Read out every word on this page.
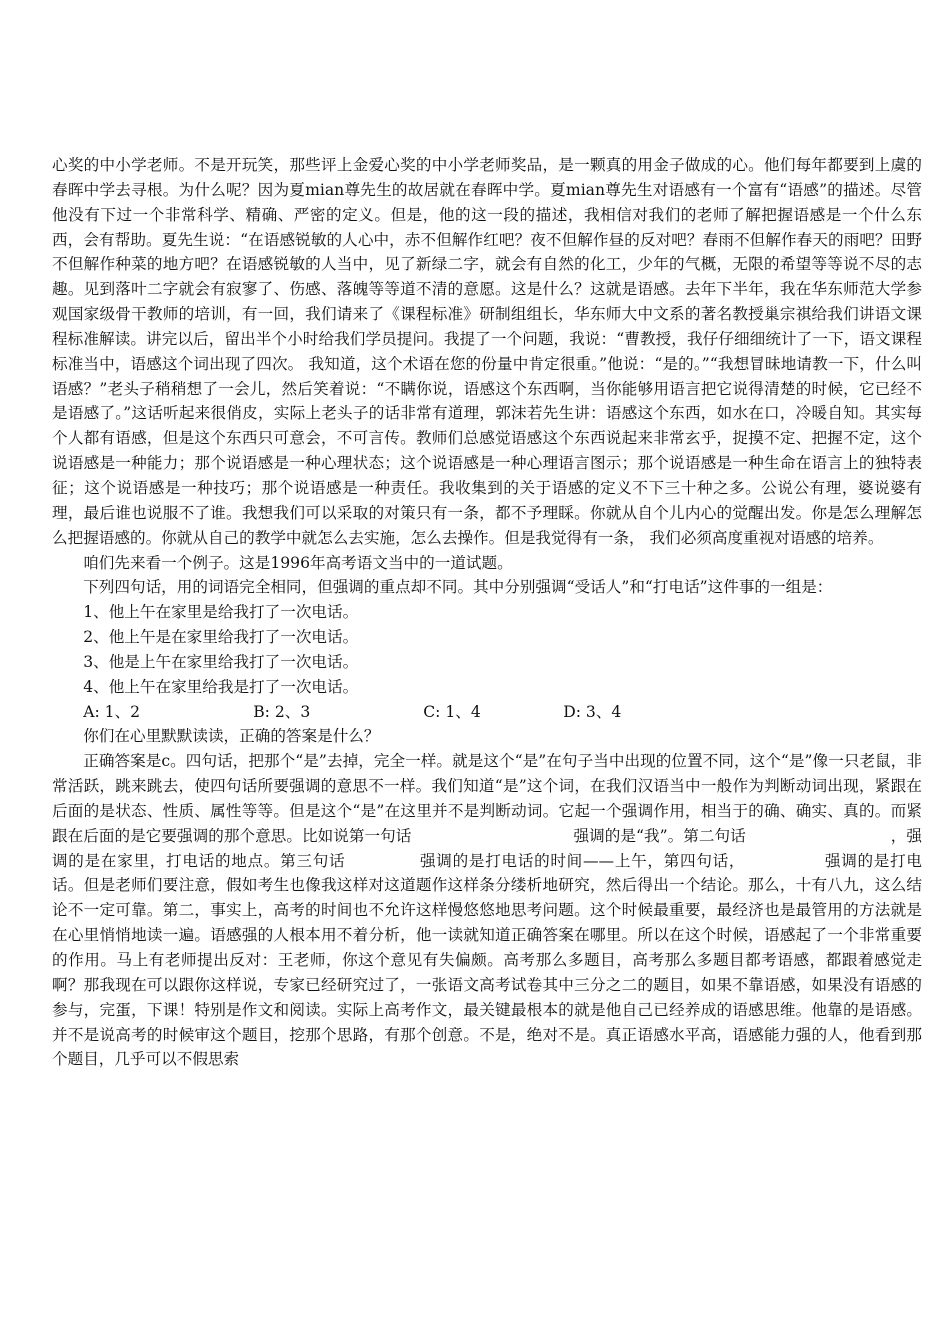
心奖的中小学老师。不是开玩笑，那些评上金爱心奖的中小学老师奖品，是一颗真的用金子做成的心。他们每年都要到上虞的春晖中学去寻根。为什么呢？因为夏mian尊先生的故居就在春晖中学。夏mian尊先生对语感有一个富有“语感”的描述。尽管他没有下过一个非常科学、精确、严密的定义。但是，他的这一段的描述，我相信对我们的老师了解把握语感是一个什么东西，会有帮助。夏先生说：“在语感锐敏的人心中，赤不但解作红吧？夜不但解作昼的反对吧？春雨不但解作春天的雨吧？田野不但解作种菜的地方吧？在语感锐敏的人当中，见了新绿二字，就会有自然的化工，少年的气概，无限的希望等等说不尽的志趣。见到落叶二字就会有寂寥了、伤感、落魄等等道不清的意愿。这是什么？这就是语感。去年下半年，我在华东师范大学参观国家级骨干教师的培训，有一回，我们请来了《课程标准》研制组组长，华东师大中文系的著名教授巢宗祺给我们讲语文课程标准解读。讲完以后，留出半个小时给我们学员提问。我提了一个问题，我说：“曹教授，我仔仔细细统计了一下，语文课程标准当中，语感这个词出现了四次。 我知道，这个术语在您的份量中肯定很重。”他说：“是的。”“我想冒昧地请教一下，什么叫语感？”老头子稍稍想了一会儿，然后笑着说：“不瞒你说，语感这个东西啊，当你能够用语言把它说得清楚的时候，它已经不是语感了。”这话听起来很俏皮，实际上老头子的话非常有道理，郭沫若先生讲：语感这个东西，如水在口，冷暖自知。其实每个人都有语感，但是这个东西只可意会，不可言传。教师们总感觉语感这个东西说起来非常玄乎，捉摸不定、把握不定，这个说语感是一种能力；那个说语感是一种心理状态；这个说语感是一种心理语言图示；那个说语感是一种生命在语言上的独特表征；这个说语感是一种技巧；那个说语感是一种责任。我收集到的关于语感的定义不下三十种之多。公说公有理，婆说婆有理，最后谁也说服不了谁。我想我们可以采取的对策只有一条，都不予理睬。你就从自个儿内心的觉醒出发。你是怎么理解怎么把握语感的。你就从自己的教学中就怎么去实施，怎么去操作。但是我觉得有一条， 我们必须高度重视对语感的培养。

咱们先来看一个例子。这是1996年高考语文当中的一道试题。

下列四句话，用的词语完全相同，但强调的重点却不同。其中分别强调“受话人”和“打电话”这件事的一组是：

1、他上午在家里是给我打了一次电话。
2、他上午是在家里给我打了一次电话。
3、他是上午在家里给我打了一次电话。
4、他上午在家里给我是打了一次电话。
A: 1、2	B: 2、3	C: 1、4	D: 3、4

你们在心里默默读读，正确的答案是什么？

正确答案是c。四句话，把那个“是”去掉，完全一样。就是这个“是”在句子当中出现的位置不同，这个“是”像一只老鼠，非常活跃，跳来跳去，使四句话所要强调的意思不一样。我们知道“是”这个词，在我们汉语当中一般作为判断动词出现，紧跟在后面的是状态、性质、属性等等。但是这个“是”在这里并不是判断动词。它起一个强调作用，相当于的确、确实、真的。而紧跟在后面的是它要强调的那个意思。比如说第一句话	强调的是“我”。第二句话	，强调的是在家里，打电话的地点。第三句话	强调的是打电话的时间——上午，第四句话，	强调的是打电话。但是老师们要注意，假如考生也像我这样对这道题作这样条分缕析地研究，然后得出一个结论。那么，十有八九，这么结论不一定可靠。第二，事实上，高考的时间也不允许这样慢悠悠地思考问题。这个时候最重要，最经济也是最管用的方法就是在心里悄悄地读一遍。语感强的人根本用不着分析，他一读就知道正确答案在哪里。所以在这个时候，语感起了一个非常重要的作用。马上有老师提出反对：王老师，你这个意见有失偏颇。高考那么多题目，高考那么多题目都考语感，都跟着感觉走啊？那我现在可以跟你这样说，专家已经研究过了，一张语文高考试卷其中三分之二的题目，如果不靠语感，如果没有语感的参与，完蛋，下课！特别是作文和阅读。实际上高考作文，最关键最根本的就是他自己已经养成的语感思维。他靠的是语感。并不是说高考的时候审这个题目，挖那个思路，有那个创意。不是，绝对不是。真正语感水平高，语感能力强的人，他看到那个题目，几乎可以不假思索
